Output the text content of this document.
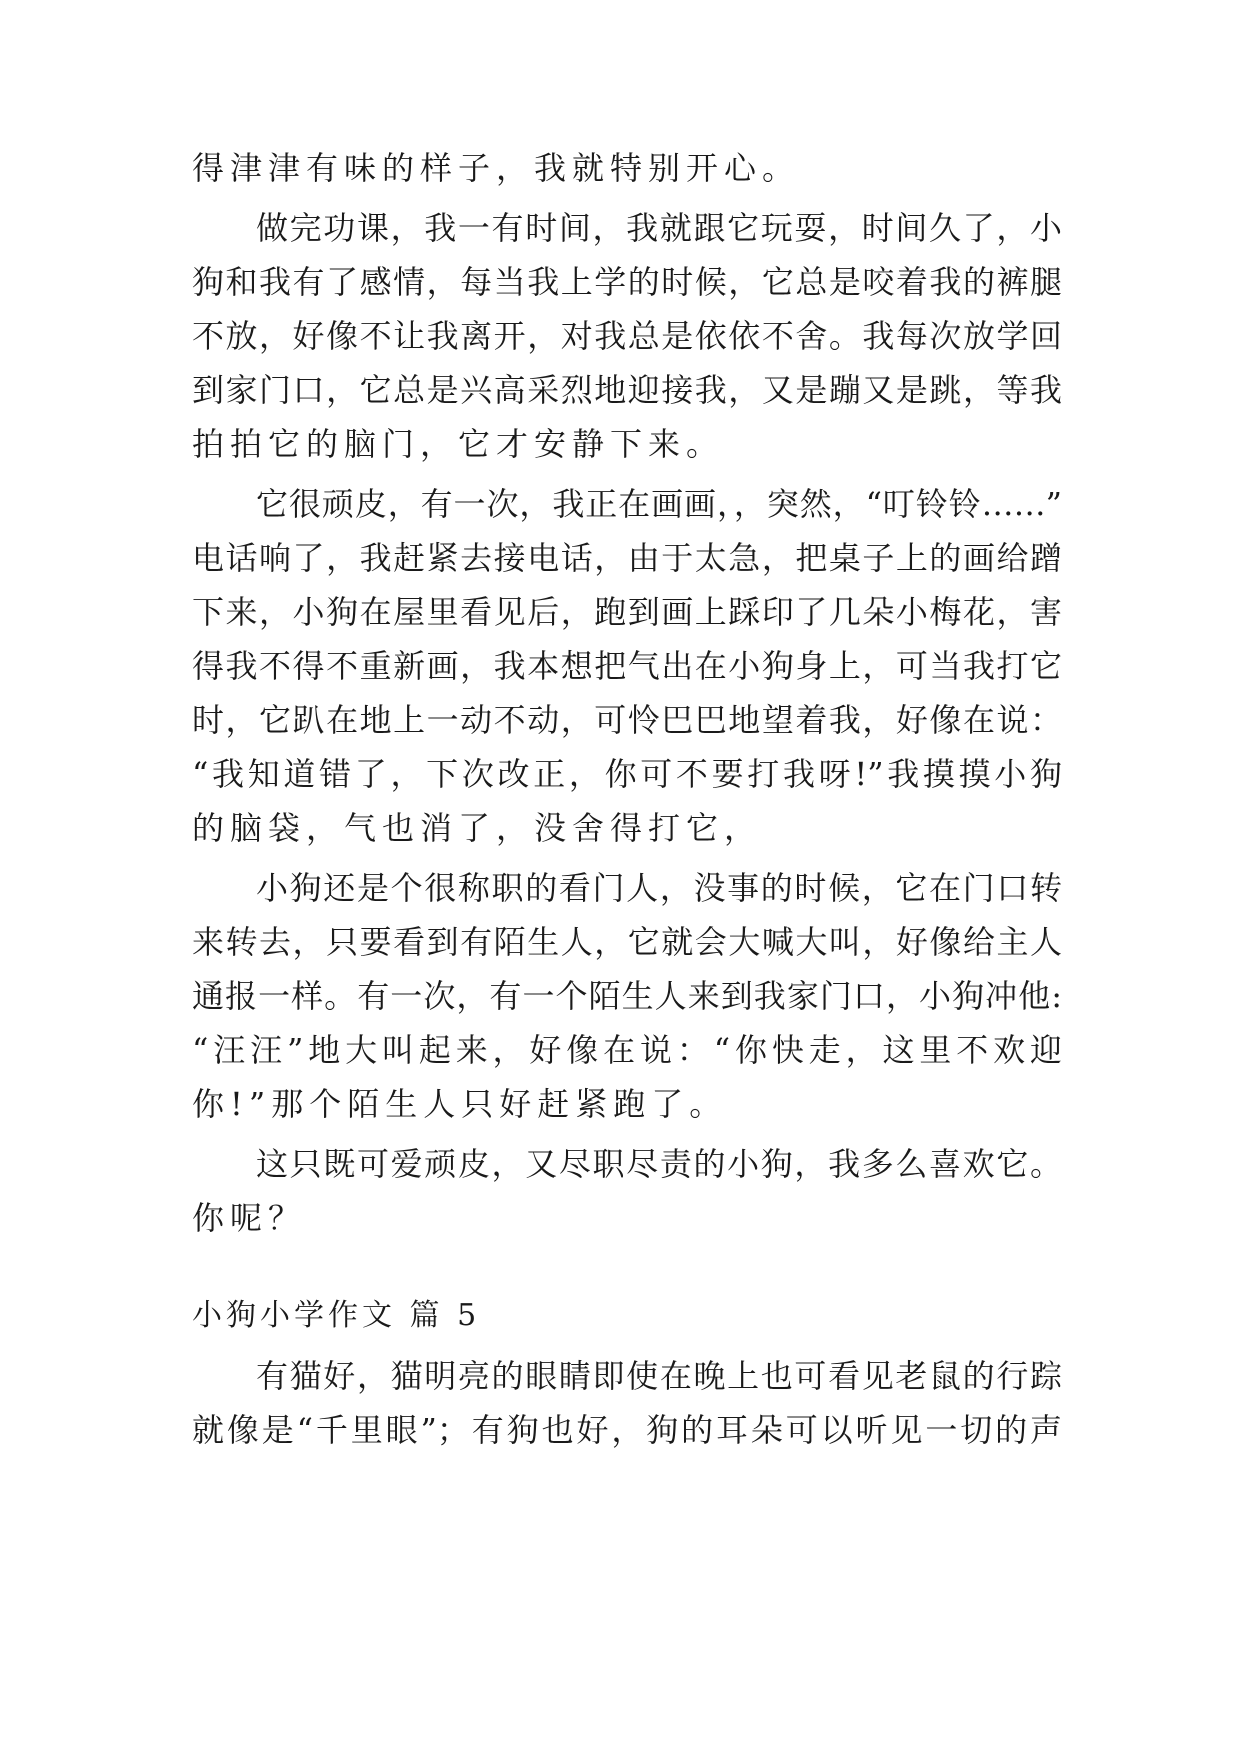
得津津有味的样子，我就特别开心。
做完功课，我一有时间，我就跟它玩耍，时间久了，小
狗和我有了感情，每当我上学的时候，它总是咬着我的裤腿
不放，好像不让我离开，对我总是依依不舍。我每次放学回
到家门口，它总是兴高采烈地迎接我，又是蹦又是跳，等我
拍拍它的脑门，它才安静下来。
它很顽皮，有一次，我正在画画，，突然，“叮铃铃……”
电话响了，我赶紧去接电话，由于太急，把桌子上的画给蹭
下来，小狗在屋里看见后，跑到画上踩印了几朵小梅花，害
得我不得不重新画，我本想把气出在小狗身上，可当我打它
时，它趴在地上一动不动，可怜巴巴地望着我，好像在说：
“我知道错了，下次改正，你可不要打我呀!”我摸摸小狗
的脑袋，气也消了，没舍得打它，
小狗还是个很称职的看门人，没事的时候，它在门口转
来转去，只要看到有陌生人，它就会大喊大叫，好像给主人
通报一样。有一次，有一个陌生人来到我家门口，小狗冲他:
“汪汪”地大叫起来，好像在说：“你快走，这里不欢迎
你!”那个陌生人只好赶紧跑了。
这只既可爱顽皮，又尽职尽责的小狗，我多么喜欢它。
你呢？
小狗小学作文 篇 5
有猫好，猫明亮的眼睛即使在晚上也可看见老鼠的行踪
就像是“千里眼”；有狗也好，狗的耳朵可以听见一切的声
